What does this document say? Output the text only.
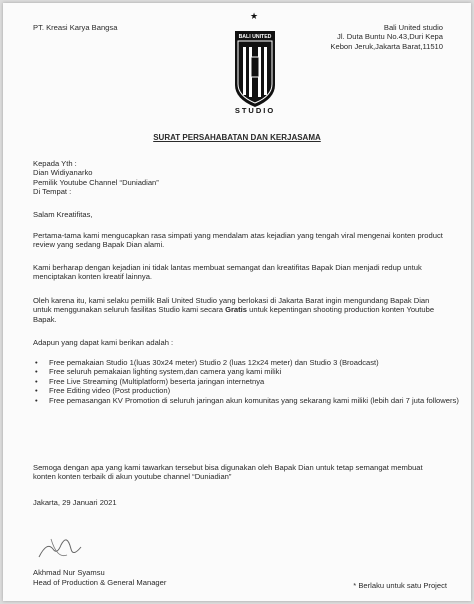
★
PT. Kreasi Karya Bangsa	Bali United studio
Jl. Duta Buntu No.43,Duri Kepa
Kebon Jeruk,Jakarta Barat,11510
BALI UNITED
STUDIO
SURAT PERSAHABATAN DAN KERJASAMA
Kepada Yth :
Dian Widiyanarko
Pemilik Youtube Channel “Duniadian”
Di Tempat :
Salam Kreatifitas,
Pertama-tama kami mengucapkan rasa simpati yang mendalam atas kejadian yang tengah viral mengenai konten product review yang sedang Bapak Dian alami.
Kami berharap dengan kejadian ini tidak lantas membuat semangat dan kreatifitas Bapak Dian menjadi redup untuk menciptakan konten kreatif lainnya.
Oleh karena itu, kami selaku pemilik Bali United Studio yang berlokasi di Jakarta Barat ingin mengundang Bapak Dian untuk menggunakan seluruh fasilitas Studio kami secara Gratis untuk kepentingan shooting production konten Youtube Bapak.
Adapun yang dapat kami berikan adalah :
• Free pemakaian Studio 1(luas 30x24 meter) Studio 2 (luas 12x24 meter) dan Studio 3 (Broadcast)
• Free seluruh pemakaian lighting system,dan camera yang kami miliki
• Free Live Streaming (Multiplatform) beserta jaringan internetnya
• Free Editing video (Post production)
• Free pemasangan KV Promotion di seluruh jaringan akun komunitas yang sekarang kami miliki (lebih dari 7 juta followers)
Semoga dengan apa yang kami tawarkan tersebut bisa digunakan oleh Bapak Dian untuk tetap semangat membuat konten konten terbaik di akun youtube channel “Duniadian”
Jakarta, 29 Januari 2021
Akhmad Nur Syamsu
Head of Production & General Manager	* Berlaku untuk satu Project
